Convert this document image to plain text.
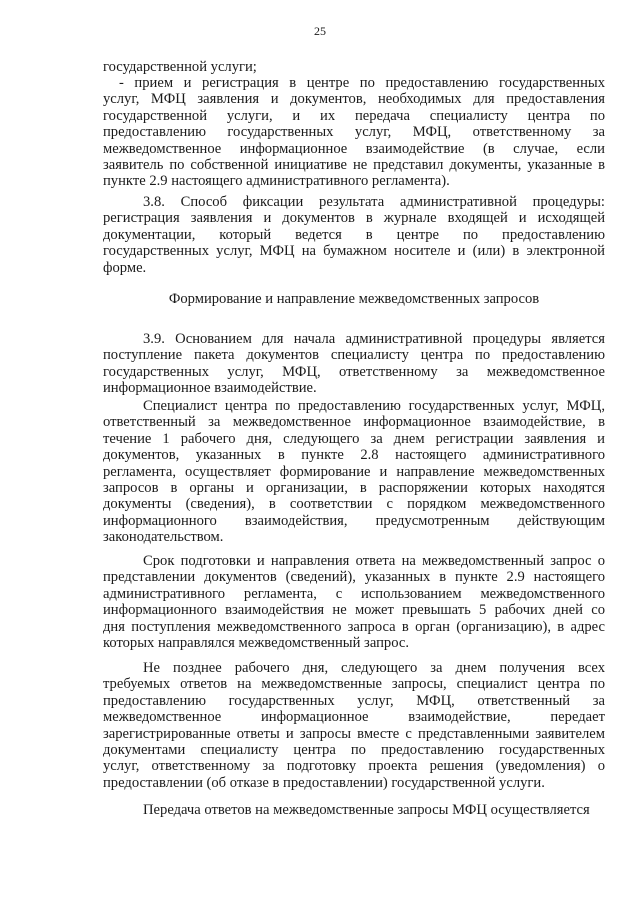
25
государственной услуги;
- прием и регистрация в центре по предоставлению государственных
услуг, МФЦ заявления и документов, необходимых для предоставления
государственной услуги, и их передача специалисту центра по
предоставлению государственных услуг, МФЦ, ответственному за
межведомственное информационное взаимодействие (в случае, если
заявитель по собственной инициативе не представил документы, указанные в
пункте 2.9 настоящего административного регламента).
3.8. Способ фиксации результата административной процедуры:
регистрация заявления и документов в журнале входящей и исходящей
документации, который ведется в центре по предоставлению
государственных услуг, МФЦ на бумажном носителе и (или) в электронной
форме.
Формирование и направление межведомственных запросов
3.9. Основанием для начала административной процедуры является
поступление пакета документов специалисту центра по предоставлению
государственных услуг, МФЦ, ответственному за межведомственное
информационное взаимодействие.
Специалист центра по предоставлению государственных услуг, МФЦ,
ответственный за межведомственное информационное взаимодействие, в
течение 1 рабочего дня, следующего за днем регистрации заявления и
документов, указанных в пункте 2.8 настоящего административного
регламента, осуществляет формирование и направление межведомственных
запросов в органы и организации, в распоряжении которых находятся
документы (сведения), в соответствии с порядком межведомственного
информационного взаимодействия, предусмотренным действующим
законодательством.
Срок подготовки и направления ответа на межведомственный запрос о
представлении документов (сведений), указанных в пункте 2.9 настоящего
административного регламента, с использованием межведомственного
информационного взаимодействия не может превышать 5 рабочих дней со
дня поступления межведомственного запроса в орган (организацию), в адрес
которых направлялся межведомственный запрос.
Не позднее рабочего дня, следующего за днем получения всех
требуемых ответов на межведомственные запросы, специалист центра по
предоставлению государственных услуг, МФЦ, ответственный за
межведомственное информационное взаимодействие, передает
зарегистрированные ответы и запросы вместе с представленными заявителем
документами специалисту центра по предоставлению государственных
услуг, ответственному за подготовку проекта решения (уведомления) о
предоставлении (об отказе в предоставлении) государственной услуги.
Передача ответов на межведомственные запросы МФЦ осуществляется
